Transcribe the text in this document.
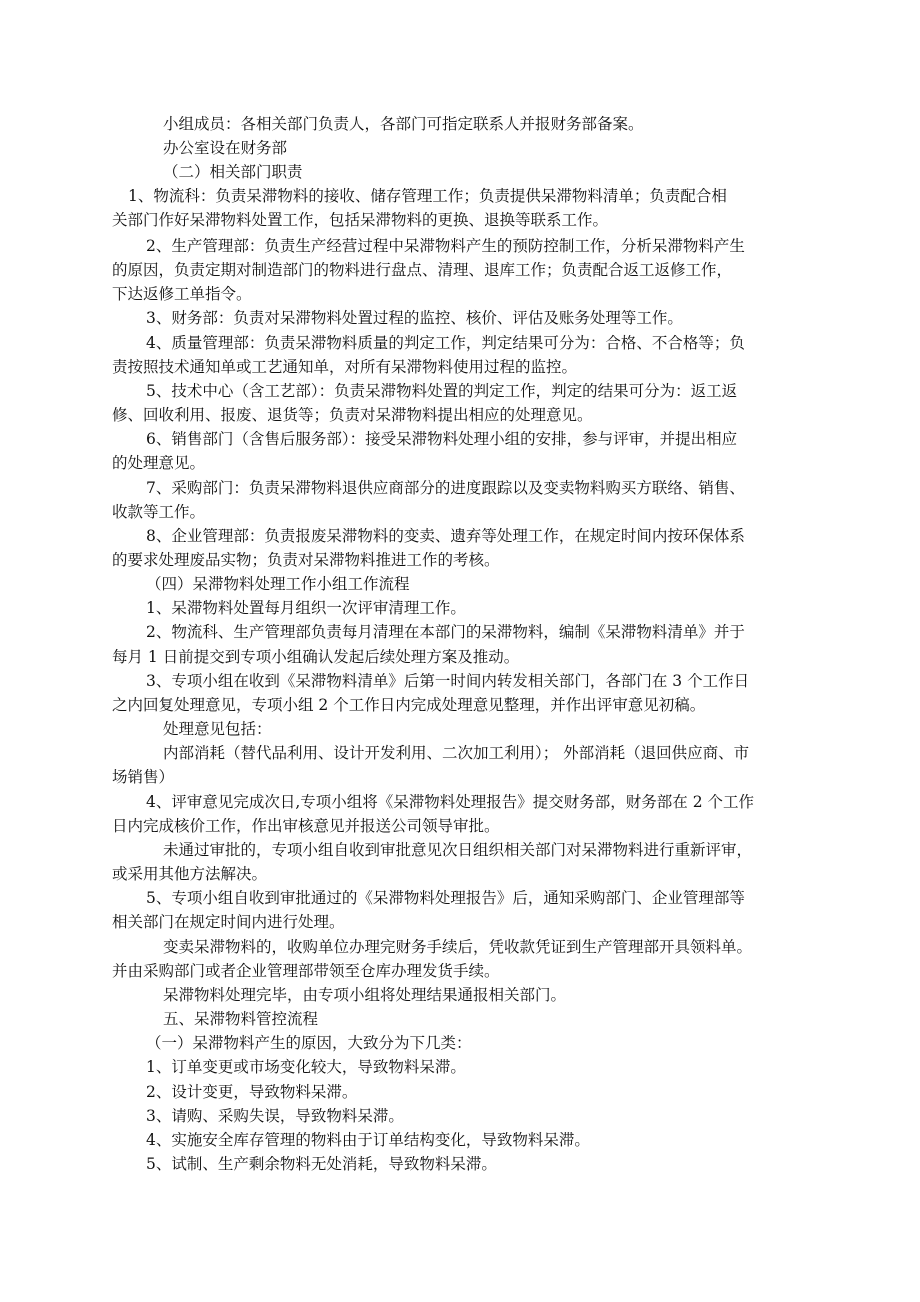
小组成员：各相关部门负责人，各部门可指定联系人并报财务部备案。

办公室设在财务部

（二）相关部门职责

1、物流科：负责呆滞物料的接收、储存管理工作；负责提供呆滞物料清单；负责配合相

关部门作好呆滞物料处置工作，包括呆滞物料的更换、退换等联系工作。

2、生产管理部：负责生产经营过程中呆滞物料产生的预防控制工作，分析呆滞物料产生

的原因，负责定期对制造部门的物料进行盘点、清理、退库工作；负责配合返工返修工作，

下达返修工单指令。

3、财务部：负责对呆滞物料处置过程的监控、核价、评估及账务处理等工作。

4、质量管理部：负责呆滞物料质量的判定工作，判定结果可分为：合格、不合格等；负

责按照技术通知单或工艺通知单，对所有呆滞物料使用过程的监控。

5、技术中心（含工艺部）：负责呆滞物料处置的判定工作，判定的结果可分为：返工返

修、回收利用、报废、退货等；负责对呆滞物料提出相应的处理意见。

6、销售部门（含售后服务部）：接受呆滞物料处理小组的安排，参与评审，并提出相应

的处理意见。

7、采购部门：负责呆滞物料退供应商部分的进度跟踪以及变卖物料购买方联络、销售、

收款等工作。

8、企业管理部：负责报废呆滞物料的变卖、遗弃等处理工作，在规定时间内按环保体系

的要求处理废品实物；负责对呆滞物料推进工作的考核。

（四）呆滞物料处理工作小组工作流程

1、呆滞物料处置每月组织一次评审清理工作。

2、物流科、生产管理部负责每月清理在本部门的呆滞物料，编制《呆滞物料清单》并于

每月 1 日前提交到专项小组确认发起后续处理方案及推动。

3、专项小组在收到《呆滞物料清单》后第一时间内转发相关部门，各部门在 3 个工作日

之内回复处理意见，专项小组 2 个工作日内完成处理意见整理，并作出评审意见初稿。

处理意见包括：

内部消耗（替代品利用、设计开发利用、二次加工利用）； 外部消耗（退回供应商、市

场销售）

4、评审意见完成次日,专项小组将《呆滞物料处理报告》提交财务部，财务部在 2 个工作

日内完成核价工作，作出审核意见并报送公司领导审批。

未通过审批的，专项小组自收到审批意见次日组织相关部门对呆滞物料进行重新评审，

或采用其他方法解决。

5、专项小组自收到审批通过的《呆滞物料处理报告》后，通知采购部门、企业管理部等

相关部门在规定时间内进行处理。

变卖呆滞物料的，收购单位办理完财务手续后，凭收款凭证到生产管理部开具领料单。

并由采购部门或者企业管理部带领至仓库办理发货手续。

呆滞物料处理完毕，由专项小组将处理结果通报相关部门。

五、呆滞物料管控流程

（一）呆滞物料产生的原因，大致分为下几类：

1、订单变更或市场变化较大，导致物料呆滞。

2、设计变更，导致物料呆滞。

3、请购、采购失误，导致物料呆滞。

4、实施安全库存管理的物料由于订单结构变化，导致物料呆滞。

5、试制、生产剩余物料无处消耗，导致物料呆滞。
